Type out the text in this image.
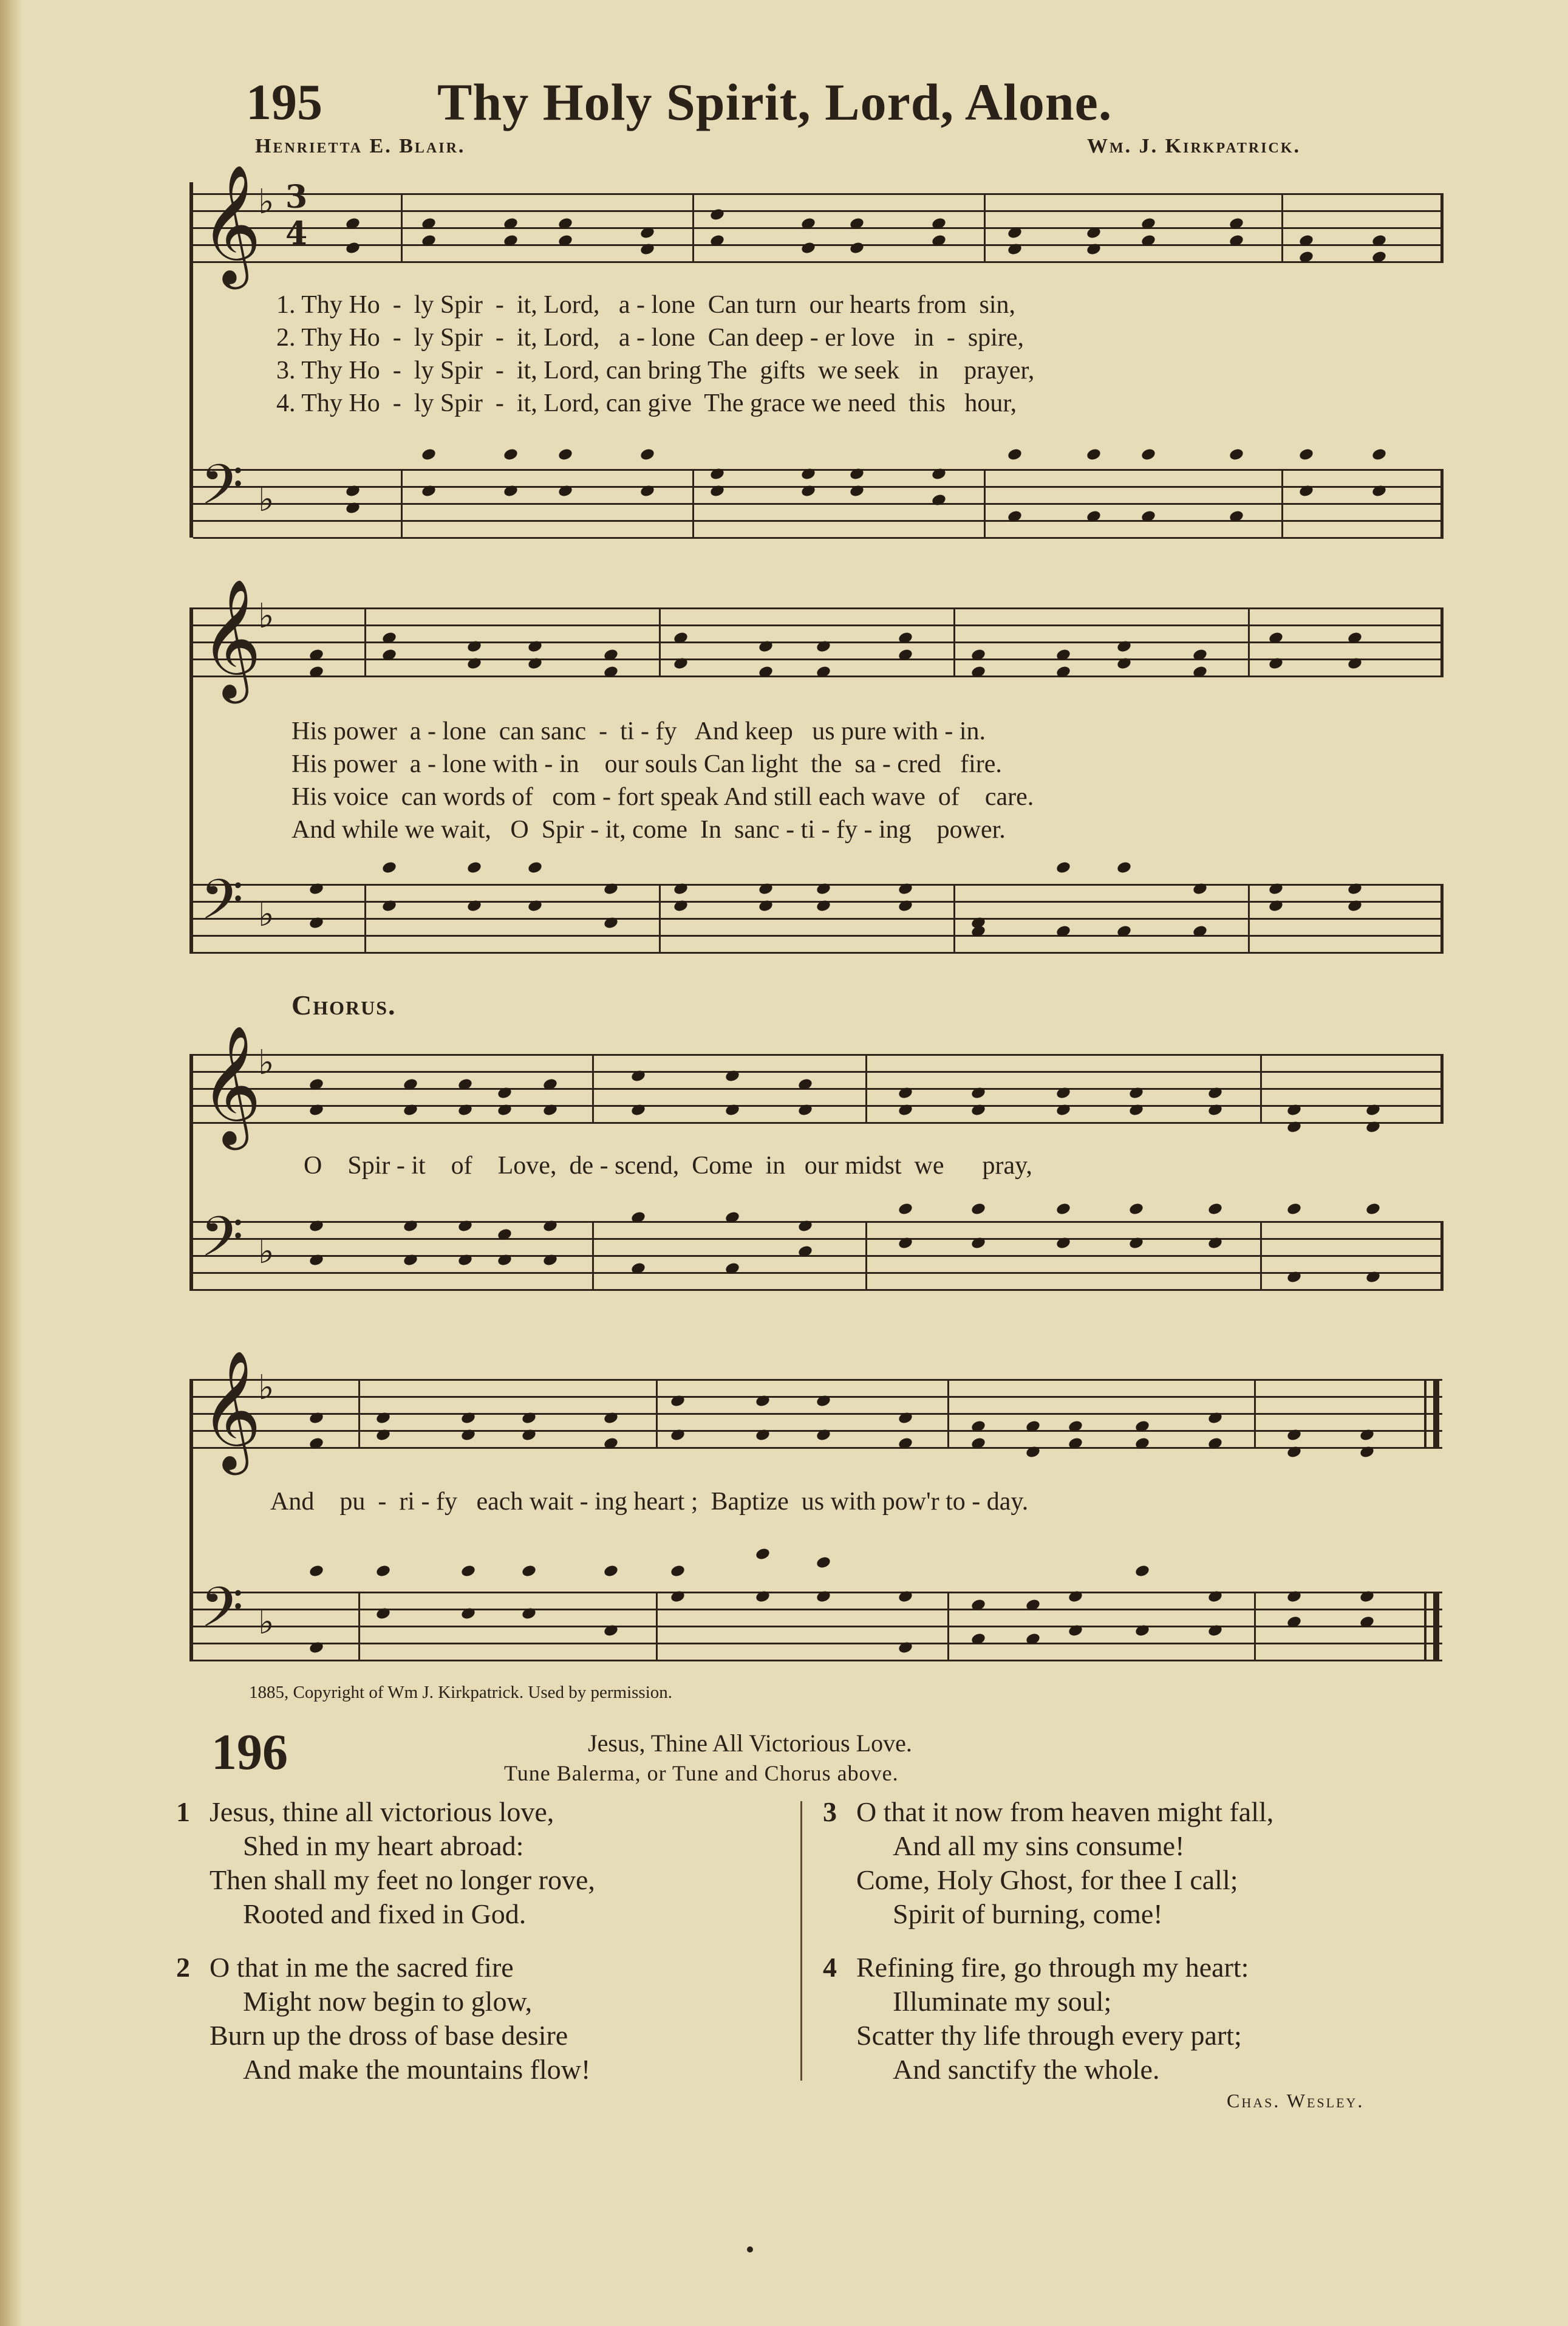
195 Thy Holy Spirit, Lord, Alone.
Henrietta E. Blair.	Wm. J. Kirkpatrick.
𝄞
♭ 3 4
1. Thy Ho  -  ly Spir  -  it, Lord,   a - lone  Can turn  our hearts from  sin,
2. Thy Ho  -  ly Spir  -  it, Lord,   a - lone  Can deep - er love   in  -  spire,
3. Thy Ho  -  ly Spir  -  it, Lord, can bring The  gifts  we seek   in    prayer,
4. Thy Ho  -  ly Spir  -  it, Lord, can give  The grace we need  this   hour,
𝄢 ♭
𝄞
♭
His power  a - lone  can sanc  -  ti - fy   And keep   us pure with - in.
His power  a - lone with - in    our souls Can light  the  sa - cred   fire.
His voice  can words of   com - fort speak And still each wave  of    care.
And while we wait,   O  Spir - it, come  In  sanc - ti - fy - ing    power.
𝄢 ♭
Chorus.
𝄞
♭
O    Spir - it    of    Love,  de - scend,  Come  in   our midst  we      pray,
𝄢 ♭
𝄞
♭
And    pu  -  ri - fy   each wait - ing heart ;  Baptize  us with pow'r to - day.
𝄢 ♭
1885, Copyright of Wm J. Kirkpatrick. Used by permission.
196	Jesus, Thine All Victorious Love.
Tune Balerma, or Tune and Chorus above.
1 Jesus, thine all victorious love,
Shed in my heart abroad:
Then shall my feet no longer rove,
Rooted and fixed in God.
2 O that in me the sacred fire
Might now begin to glow,
Burn up the dross of base desire
And make the mountains flow!
3 O that it now from heaven might fall,
And all my sins consume!
Come, Holy Ghost, for thee I call;
Spirit of burning, come!
4 Refining fire, go through my heart:
Illuminate my soul;
Scatter thy life through every part;
And sanctify the whole.
Chas. Wesley.
